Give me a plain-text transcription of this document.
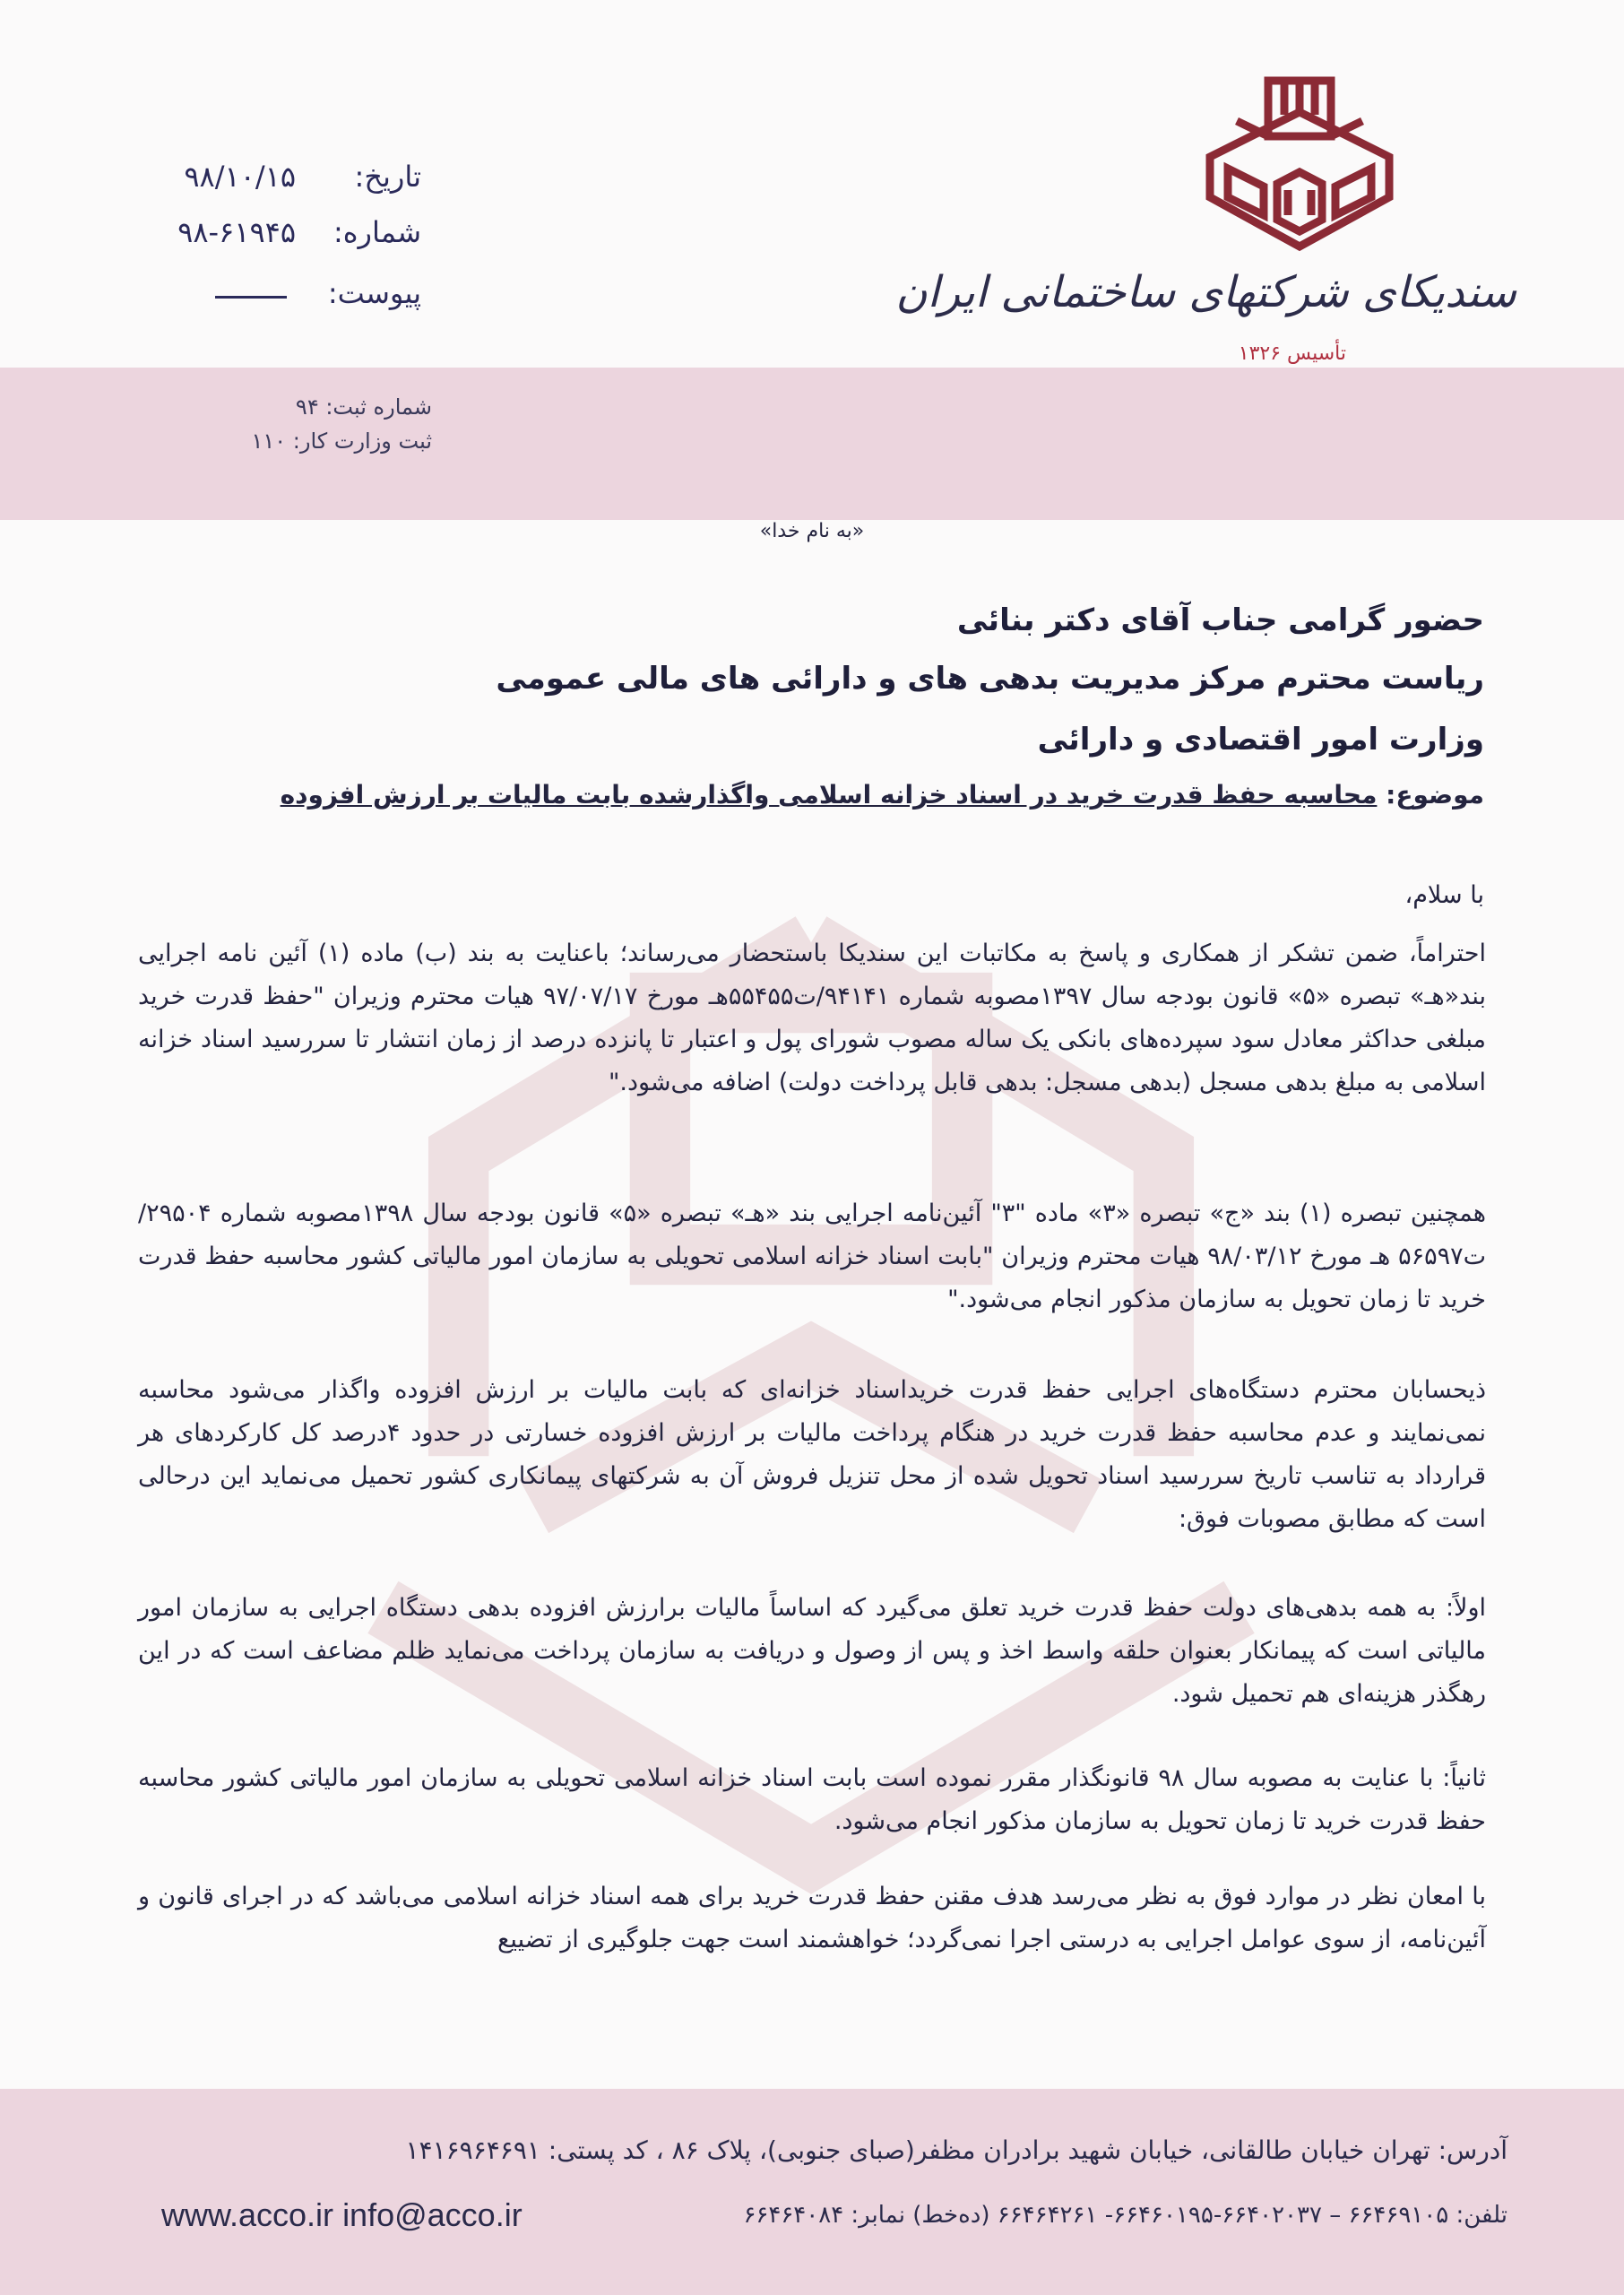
سندیکای شرکتهای ساختمانی ایران
تأسیس ۱۳۲۶
تاریخ:
۹۸/۱۰/۱۵
شماره:
۹۸-۶۱۹۴۵
پیوست:
شماره ثبت: ۹۴
ثبت وزارت کار: ۱۱۰
«به نام خدا»
حضور گرامی جناب آقای دکتر بنائی
ریاست محترم مرکز مدیریت بدهی های و دارائی های مالی عمومی
وزارت امور اقتصادی و دارائی
موضوع: محاسبه حفظ قدرت خرید در اسناد خزانه اسلامی واگذارشده بابت مالیات بر ارزش افزوده
با سلام،

احتراماً، ضمن تشکر از همکاری و پاسخ به مکاتبات این سندیکا باستحضار می‌رساند؛ باعنایت به بند (ب) ماده (۱) آئین نامه اجرایی بند«هـ» تبصره «۵» قانون بودجه سال ۱۳۹۷مصوبه شماره ۹۴۱۴۱/ت۵۵۴۵۵هـ مورخ ۹۷/۰۷/۱۷ هیات محترم وزیران "حفظ قدرت خرید مبلغی حداکثر معادل سود سپرده‌های بانکی یک ساله مصوب شورای پول و اعتبار تا پانزده درصد از زمان انتشار تا سررسید اسناد خزانه اسلامی به مبلغ بدهی مسجل (بدهی مسجل: بدهی قابل پرداخت دولت) اضافه می‌شود."

همچنین تبصره (۱) بند «ج» تبصره «۳» ماده "۳" آئین‌نامه اجرایی بند «هـ» تبصره «۵» قانون بودجه سال ۱۳۹۸مصوبه شماره ۲۹۵۰۴/ت۵۶۵۹۷ هـ مورخ ۹۸/۰۳/۱۲ هیات محترم وزیران "بابت اسناد خزانه اسلامی تحویلی به سازمان امور مالیاتی کشور محاسبه حفظ قدرت خرید تا زمان تحویل به سازمان مذکور انجام می‌شود."

ذیحسابان محترم دستگاه‌های اجرایی حفظ قدرت خریداسناد خزانه‌ای که بابت مالیات بر ارزش افزوده واگذار می‌شود محاسبه نمی‌نمایند و عدم محاسبه حفظ قدرت خرید در هنگام پرداخت مالیات بر ارزش افزوده خسارتی در حدود ۴درصد کل کارکردهای هر قرارداد به تناسب تاریخ سررسید اسناد تحویل شده از محل تنزیل فروش آن به شرکتهای پیمانکاری کشور تحمیل می‌نماید این درحالی است که مطابق مصوبات فوق:

اولاً: به همه بدهی‌های دولت حفظ قدرت خرید تعلق می‌گیرد که اساساً مالیات برارزش افزوده بدهی دستگاه اجرایی به سازمان امور مالیاتی است که پیمانکار بعنوان حلقه واسط اخذ و پس از وصول و دریافت به سازمان پرداخت می‌نماید ظلم مضاعف است که در این رهگذر هزینه‌ای هم تحمیل شود.

ثانیاً: با عنایت به مصوبه سال ۹۸ قانونگذار مقرر نموده است بابت اسناد خزانه اسلامی تحویلی به سازمان امور مالیاتی کشور محاسبه حفظ قدرت خرید تا زمان تحویل به سازمان مذکور انجام می‌شود.

با امعان نظر در موارد فوق به نظر می‌رسد هدف مقنن حفظ قدرت خرید برای همه اسناد خزانه اسلامی می‌باشد که در اجرای قانون و آئین‌نامه، از سوی عوامل اجرایی به درستی اجرا نمی‌گردد؛ خواهشمند است جهت جلوگیری از تضییع

آدرس: تهران خیابان طالقانی، خیابان شهید برادران مظفر(صبای جنوبی)، پلاک ۸۶ ، کد پستی: ۱۴۱۶۹۶۴۶۹۱
تلفن: ۶۶۴۶۹۱۰۵ – ۶۶۴۰۲۰۳۷-۶۶۴۶۰۱۹۵- ۶۶۴۶۴۲۶۱ (ده‌خط) نمابر: ۶۶۴۶۴۰۸۴
www.acco.ir info@acco.ir
